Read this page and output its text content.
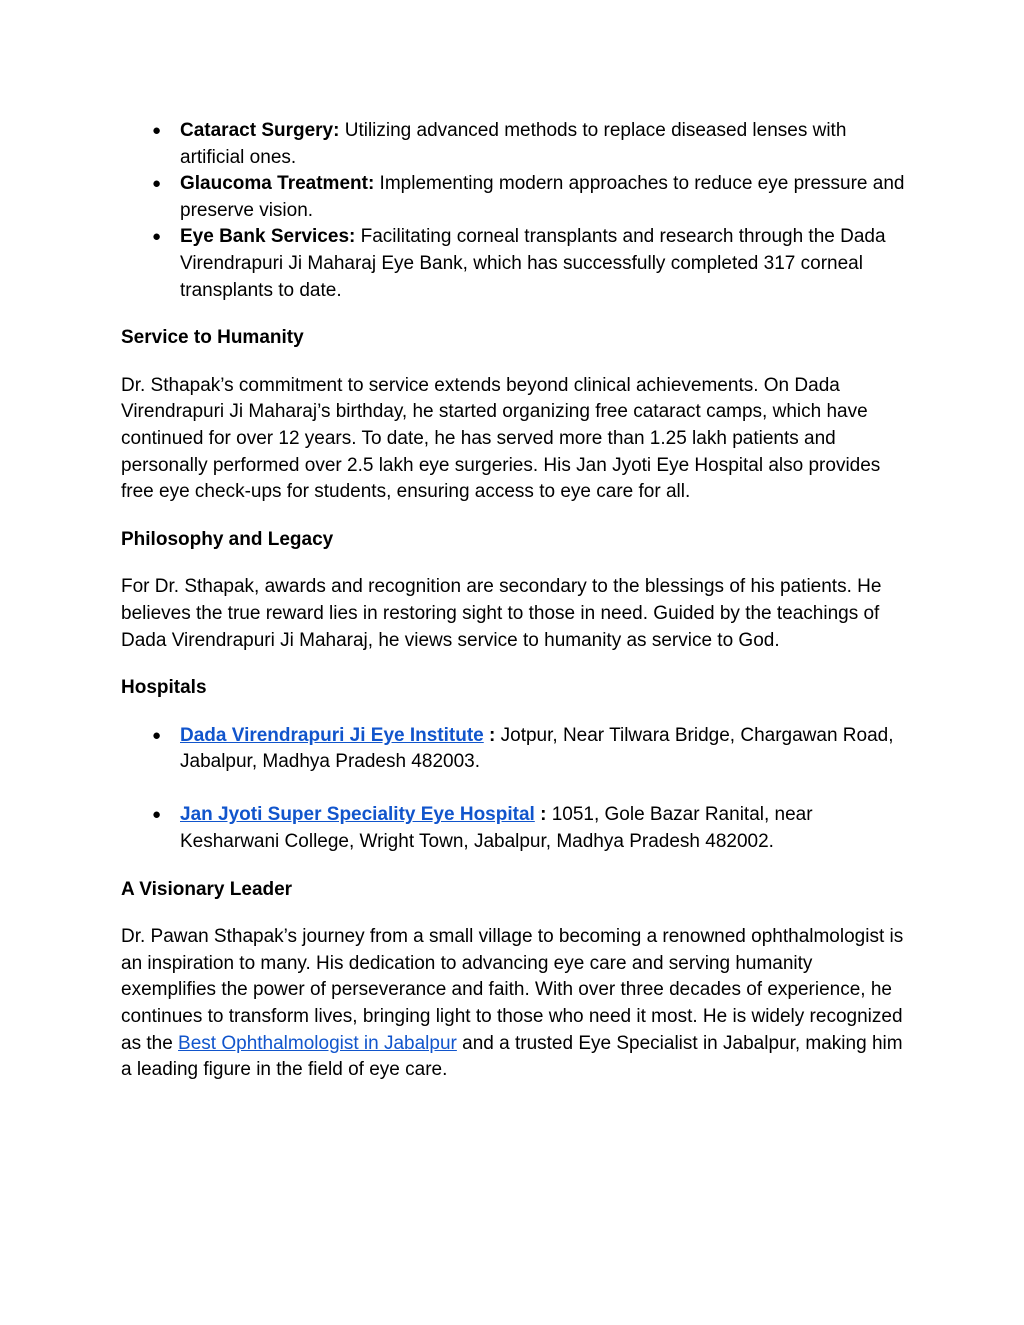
● Cataract Surgery: Utilizing advanced methods to replace diseased lenses with artificial ones.
● Glaucoma Treatment: Implementing modern approaches to reduce eye pressure and preserve vision.
● Eye Bank Services: Facilitating corneal transplants and research through the Dada Virendrapuri Ji Maharaj Eye Bank, which has successfully completed 317 corneal transplants to date.

Service to Humanity

Dr. Sthapak’s commitment to service extends beyond clinical achievements. On Dada Virendrapuri Ji Maharaj’s birthday, he started organizing free cataract camps, which have continued for over 12 years. To date, he has served more than 1.25 lakh patients and personally performed over 2.5 lakh eye surgeries. His Jan Jyoti Eye Hospital also provides free eye check-ups for students, ensuring access to eye care for all.

Philosophy and Legacy

For Dr. Sthapak, awards and recognition are secondary to the blessings of his patients. He believes the true reward lies in restoring sight to those in need. Guided by the teachings of Dada Virendrapuri Ji Maharaj, he views service to humanity as service to God.

Hospitals

● Dada Virendrapuri Ji Eye Institute : Jotpur, Near Tilwara Bridge, Chargawan Road, Jabalpur, Madhya Pradesh 482003.
● Jan Jyoti Super Speciality Eye Hospital : 1051, Gole Bazar Ranital, near Kesharwani College, Wright Town, Jabalpur, Madhya Pradesh 482002.

A Visionary Leader

Dr. Pawan Sthapak’s journey from a small village to becoming a renowned ophthalmologist is an inspiration to many. His dedication to advancing eye care and serving humanity exemplifies the power of perseverance and faith. With over three decades of experience, he continues to transform lives, bringing light to those who need it most. He is widely recognized as the Best Ophthalmologist in Jabalpur and a trusted Eye Specialist in Jabalpur, making him a leading figure in the field of eye care.
